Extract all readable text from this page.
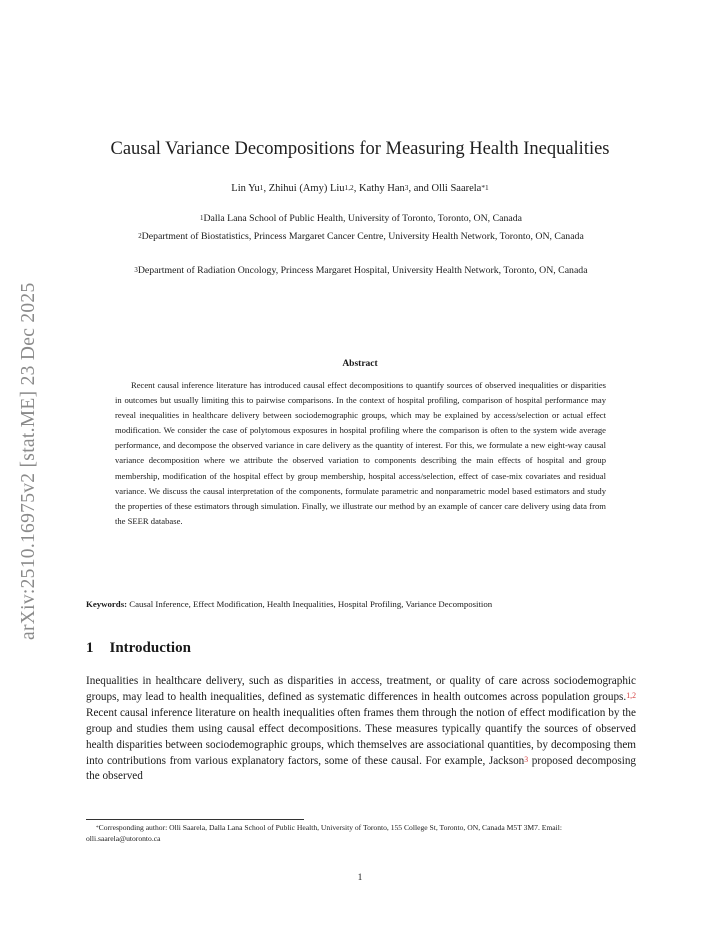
arXiv:2510.16975v2 [stat.ME] 23 Dec 2025
Causal Variance Decompositions for Measuring Health Inequalities
Lin Yu$^1$, Zhihui (Amy) Liu$^{1,2}$, Kathy Han$^3$, and Olli Saarela$^{*1}$
$^1$Dalla Lana School of Public Health, University of Toronto, Toronto, ON, Canada
$^2$Department of Biostatistics, Princess Margaret Cancer Centre, University Health Network, Toronto, ON, Canada
$^3$Department of Radiation Oncology, Princess Margaret Hospital, University Health Network, Toronto, ON, Canada
Abstract

Recent causal inference literature has introduced causal effect decompositions to quantify sources of observed inequalities or disparities in outcomes but usually limiting this to pairwise comparisons. In the context of hospital profiling, comparison of hospital performance may reveal inequalities in healthcare delivery between sociodemographic groups, which may be explained by access/selection or actual effect modification. We consider the case of polytomous exposures in hospital profiling where the comparison is often to the system wide average performance, and decompose the observed variance in care delivery as the quantity of interest. For this, we formulate a new eight-way causal variance decomposition where we attribute the observed variation to components describing the main effects of hospital and group membership, modification of the hospital effect by group membership, hospital access/selection, effect of case-mix covariates and residual variance. We discuss the causal interpretation of the components, formulate parametric and nonparametric model based estimators and study the properties of these estimators through simulation. Finally, we illustrate our method by an example of cancer care delivery using data from the SEER database.

Keywords: Causal Inference, Effect Modification, Health Inequalities, Hospital Profiling, Variance Decomposition
1 Introduction

Inequalities in healthcare delivery, such as disparities in access, treatment, or quality of care across sociodemographic groups, may lead to health inequalities, defined as systematic differences in health outcomes across population groups.$^{1,2}$ Recent causal inference literature on health inequalities often frames them through the notion of effect modification by the group and studies them using causal effect decompositions. These measures typically quantify the sources of observed health disparities between sociodemographic groups, which themselves are associational quantities, by decomposing them into contributions from various explanatory factors, some of these causal. For example, Jackson$^3$ proposed decomposing the observed

*Corresponding author: Olli Saarela, Dalla Lana School of Public Health, University of Toronto, 155 College St, Toronto, ON, Canada M5T 3M7. Email: olli.saarela@utoronto.ca

1
